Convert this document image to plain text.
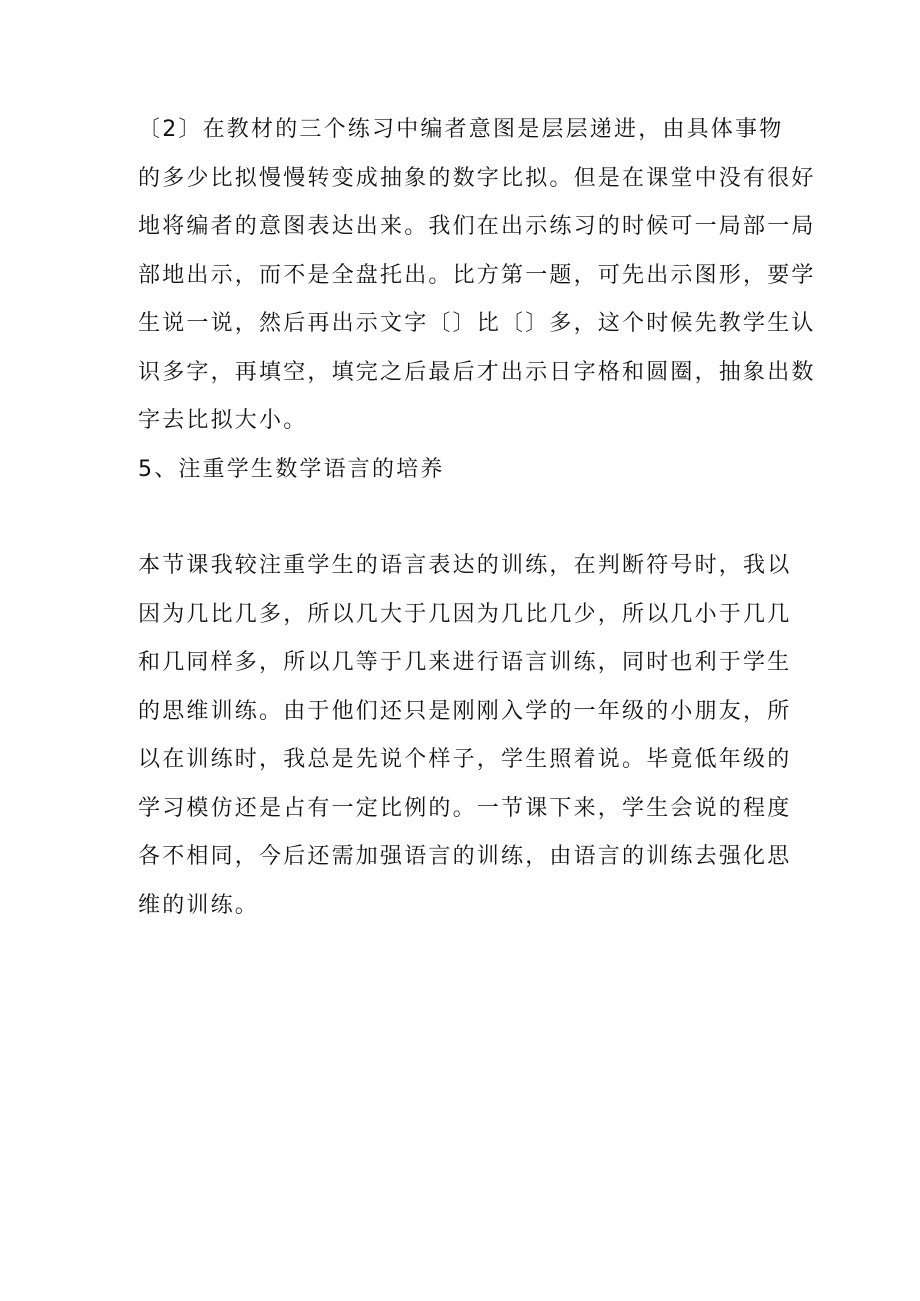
〔2〕在教材的三个练习中编者意图是层层递进，由具体事物
的多少比拟慢慢转变成抽象的数字比拟。但是在课堂中没有很好
地将编者的意图表达出来。我们在出示练习的时候可一局部一局
部地出示，而不是全盘托出。比方第一题，可先出示图形，要学
生说一说，然后再出示文字〔〕比〔〕多，这个时候先教学生认
识多字，再填空，填完之后最后才出示日字格和圆圈，抽象出数
字去比拟大小。
5、注重学生数学语言的培养
本节课我较注重学生的语言表达的训练，在判断符号时，我以
因为几比几多，所以几大于几因为几比几少，所以几小于几几
和几同样多，所以几等于几来进行语言训练，同时也利于学生
的思维训练。由于他们还只是刚刚入学的一年级的小朋友，所
以在训练时，我总是先说个样子，学生照着说。毕竟低年级的
学习模仿还是占有一定比例的。一节课下来，学生会说的程度
各不相同，今后还需加强语言的训练，由语言的训练去强化思
维的训练。
